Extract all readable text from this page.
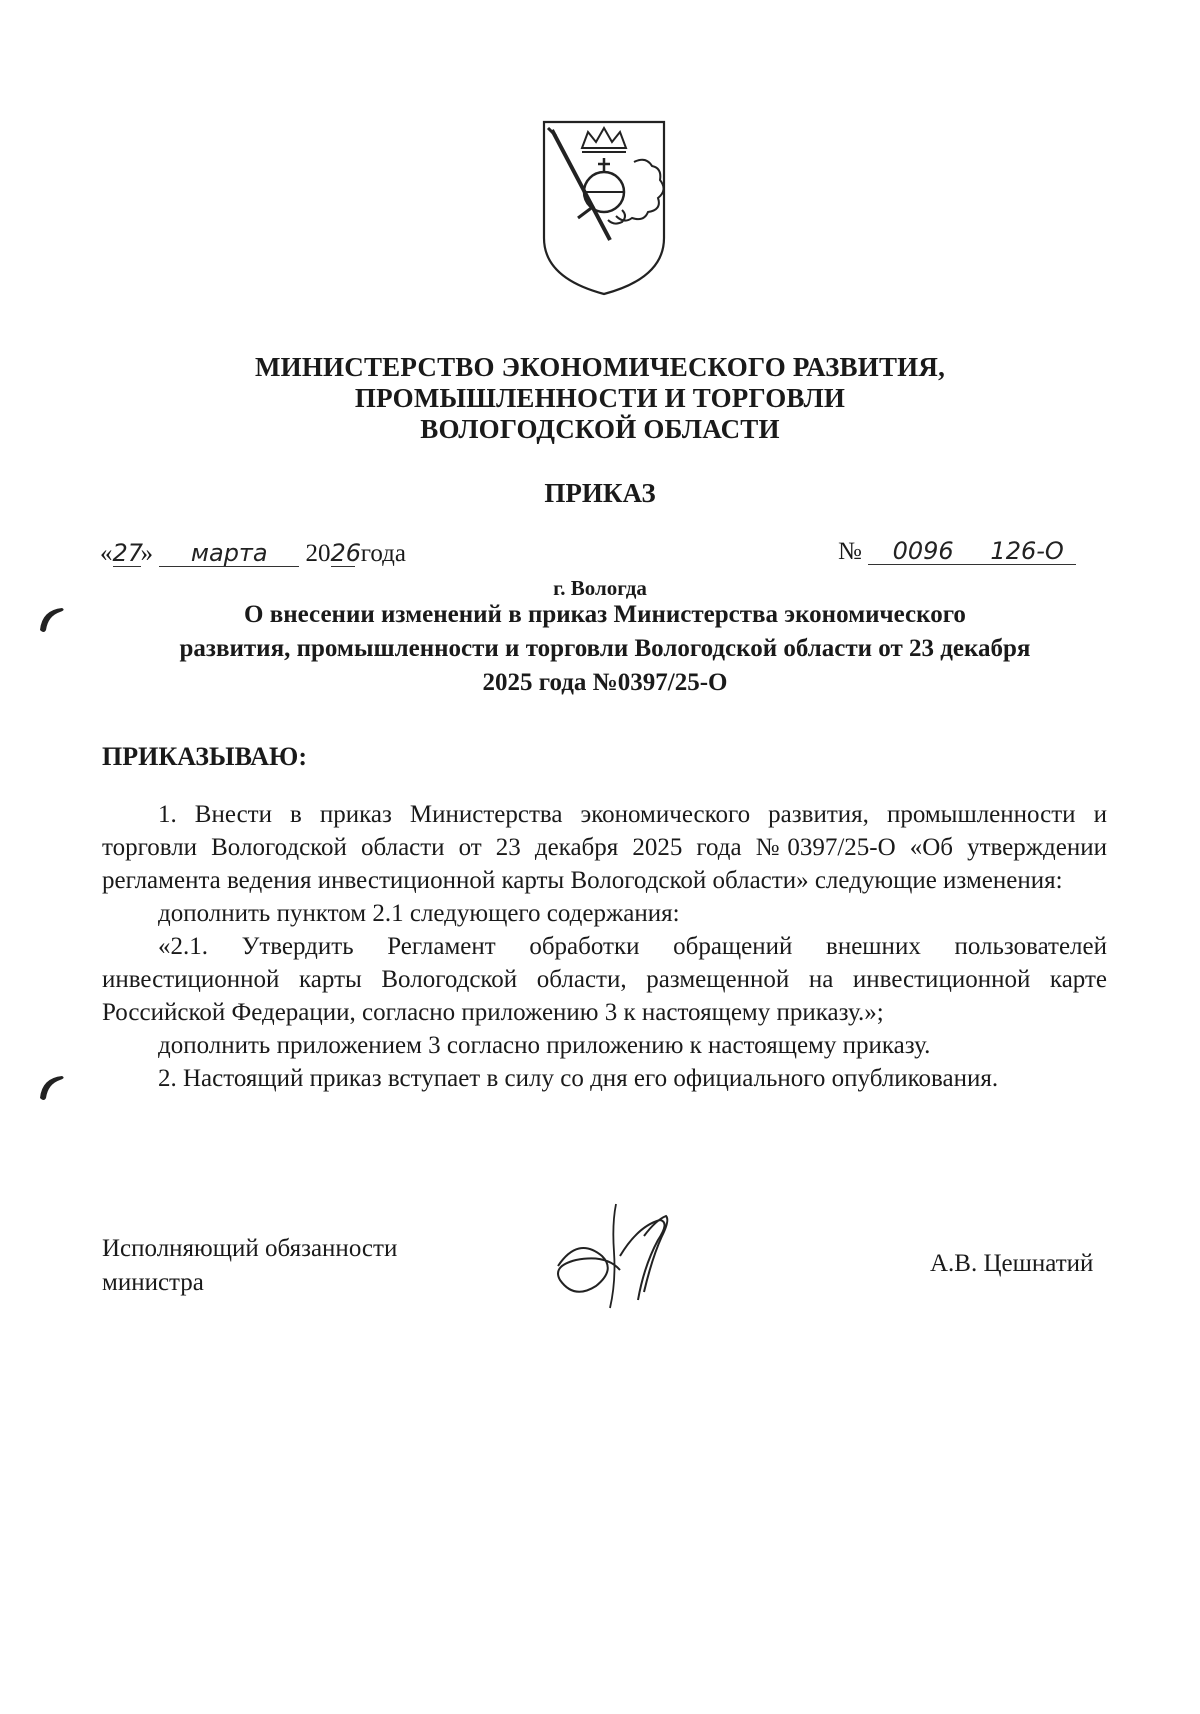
МИНИСТЕРСТВО ЭКОНОМИЧЕСКОГО РАЗВИТИЯ,
ПРОМЫШЛЕННОСТИ И ТОРГОВЛИ
ВОЛОГОДСКОЙ ОБЛАСТИ
ПРИКАЗ
«27» марта 2026 года	№ 0096 126-О
г. Вологда
О внесении изменений в приказ Министерства экономического
развития, промышленности и торговли Вологодской области от 23 декабря
2025 года №0397/25-О
ПРИКАЗЫВАЮ:

1. Внести в приказ Министерства экономического развития, промышленности и торговли Вологодской области от 23 декабря 2025 года №0397/25-О «Об утверждении регламента ведения инвестиционной карты Вологодской области» следующие изменения:

дополнить пунктом 2.1 следующего содержания:

«2.1. Утвердить Регламент обработки обращений внешних пользователей инвестиционной карты Вологодской области, размещенной на инвестиционной карте Российской Федерации, согласно приложению 3 к настоящему приказу.»;

дополнить приложением 3 согласно приложению к настоящему приказу.

2. Настоящий приказ вступает в силу со дня его официального опубликования.

Исполняющий обязанности
министра
А.В. Цешнатий
